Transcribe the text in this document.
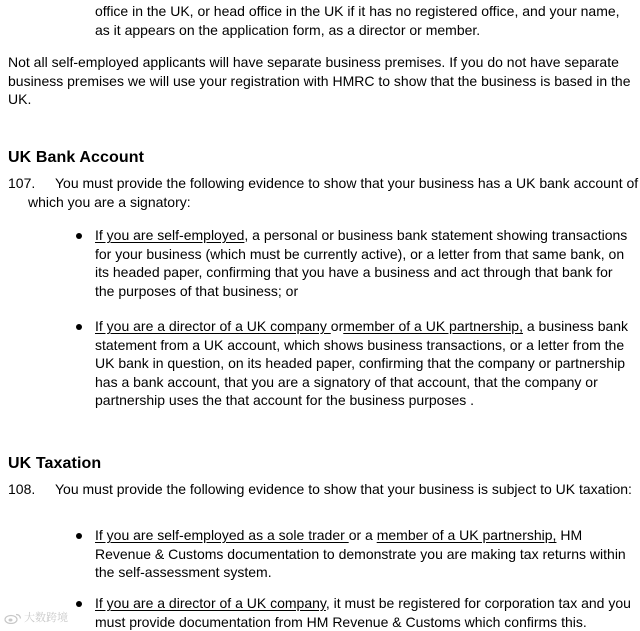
office in the UK, or head office in the UK if it has no registered office, and your name,

as it appears on the application form, as a director or member.

Not all self-employed applicants will have separate business premises. If you do not have separate business premises we will use your registration with HMRC to show that the business is based in the UK.

UK Bank Account

107. You must provide the following evidence to show that your business has a UK bank account of which you are a signatory:

If you are self-employed, a personal or business bank statement showing transactions for your business (which must be currently active), or a letter from that same bank, on its headed paper, confirming that you have a business and act through that bank for the purposes of that business; or

If you are a director of a UK company ormember of a UK partnership, a business bank statement from a UK account, which shows business transactions, or a letter from the UK bank in question, on its headed paper, confirming that the company or partnership has a bank account, that you are a signatory of that account, that the company or partnership uses the that account for the business purposes .

UK Taxation

108. You must provide the following evidence to show that your business is subject to UK taxation:

If you are self-employed as a sole trader or a member of a UK partnership, HM Revenue & Customs documentation to demonstrate you are making tax returns within the self-assessment system.

If you are a director of a UK company, it must be registered for corporation tax and you must provide documentation from HM Revenue & Customs which confirms this.

大数跨境
